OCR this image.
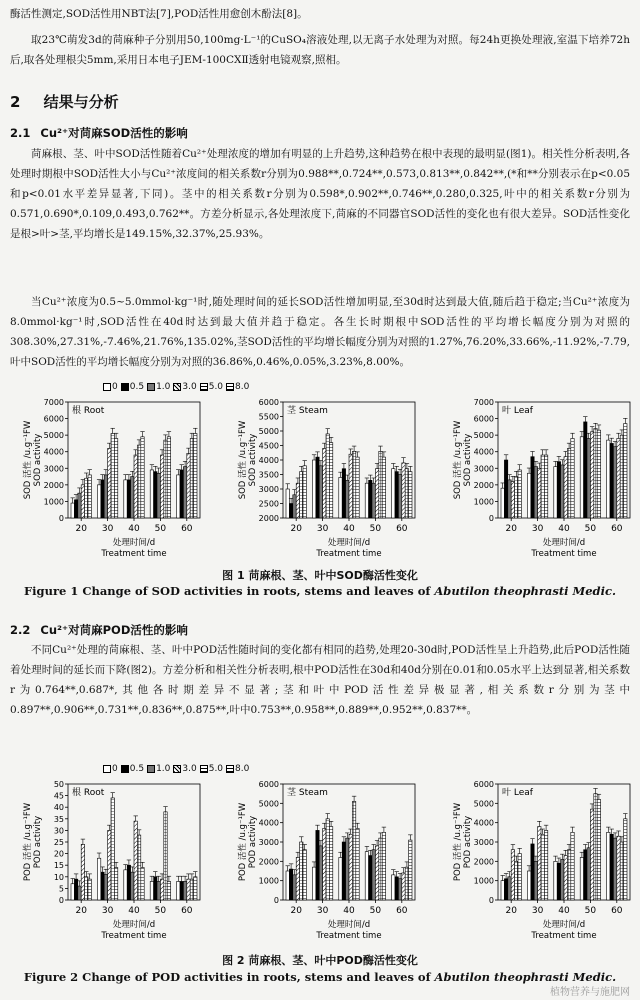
酶活性测定,SOD活性用NBT法[7],POD活性用愈创木酚法[8]。

取23℃萌发3d的苘麻种子分别用50,100mg·L⁻¹的CuSO₄溶液处理,以无离子水处理为对照。每24h更换处理液,室温下培养72h后,取各处理根尖5mm,采用日本电子JEM-100CXⅡ透射电镜观察,照相。

2 结果与分析
2.1 Cu²⁺对苘麻SOD活性的影响

苘麻根、茎、叶中SOD活性随着Cu²⁺处理浓度的增加有明显的上升趋势,这种趋势在根中表现的最明显(图1)。相关性分析表明,各处理时期根中SOD活性大小与Cu²⁺浓度间的相关系数r分别为0.988**,0.724**,0.573,0.813**,0.842**,(*和**分别表示在p<0.05和p<0.01水平差异显著,下同)。茎中的相关系数r分别为0.598*,0.902**,0.746**,0.280,0.325,叶中的相关系数r分别为0.571,0.690*,0.109,0.493,0.762**。方差分析显示,各处理浓度下,苘麻的不同器官SOD活性的变化也有很大差异。SOD活性变化是根>叶>茎,平均增长是149.15%,32.37%,25.93%。

当Cu²⁺浓度为0.5~5.0mmol·kg⁻¹时,随处理时间的延长SOD活性增加明显,至30d时达到最大值,随后趋于稳定;当Cu²⁺浓度为8.0mmol·kg⁻¹时,SOD活性在40d时达到最大值并趋于稳定。各生长时期根中SOD活性的平均增长幅度分别为对照的308.30%,27.31%,-7.46%,21.76%,135.02%,茎SOD活性的平均增长幅度分别为对照的1.27%,76.20%,33.66%,-11.92%,-7.79,叶中SOD活性的平均增长幅度分别为对照的36.86%,0.46%,0.05%,3.23%,8.00%。

0 0.5 1.0 3.0 5.0 8.0
0
1000
2000
3000
4000
5000
6000
7000
SOD 活性 /u.g⁻¹FW SOD activity
根 Root
20 30 40 50 60
处理时间/d
Treatment time
2000
2500
3000
3500
4000
4500
5000
5500
6000
SOD 活性 /u.g⁻¹FW SOD activity
茎 Steam
20 30 40 50 60
处理时间/d
Treatment time
0
1000
2000
3000
4000
5000
6000
7000
SOD 活性 /u.g⁻¹FW SOD activity
叶 Leaf
20 30 40 50 60
处理时间/d
Treatment time
图 1 苘麻根、茎、叶中SOD酶活性变化
Figure 1 Change of SOD activities in roots, stems and leaves of Abutilon theophrasti Medic.
2.2 Cu²⁺对苘麻POD活性的影响

不同Cu²⁺处理的苘麻根、茎、叶中POD活性随时间的变化都有相同的趋势,处理20-30d时,POD活性呈上升趋势,此后POD活性随着处理时间的延长而下降(图2)。方差分析和相关性分析表明,根中POD活性在30d和40d分别在0.01和0.05水平上达到显著,相关系数r为0.764**,0.687*,其他各时期差异不显著;茎和叶中POD活性差异极显著,相关系数r分别为茎中0.897**,0.906**,0.731**,0.836**,0.875**,叶中0.753**,0.958**,0.889**,0.952**,0.837**。

0 0.5 1.0 3.0 5.0 8.0
0
5
10
15
20
25
30
35
40
45
50
POD 活性 /u.g⁻¹FW POD activity
根 Root
20 30 40 50 60
处理时间/d
Treatment time
0
1000
2000
3000
4000
5000
6000
POD 活性 /u.g⁻¹FW POD activity
茎 Steam
20 30 40 50 60
处理时间/d
Treatment time
0
1000
2000
3000
4000
5000
6000
POD 活性 /u.g⁻¹FW POD activity
叶 Leaf
20 30 40 50 60
处理时间/d
Treatment time
图 2 苘麻根、茎、叶中POD酶活性变化
Figure 2 Change of POD activities in roots, stems and leaves of Abutilon theophrasti Medic.
植物营养与施肥网
